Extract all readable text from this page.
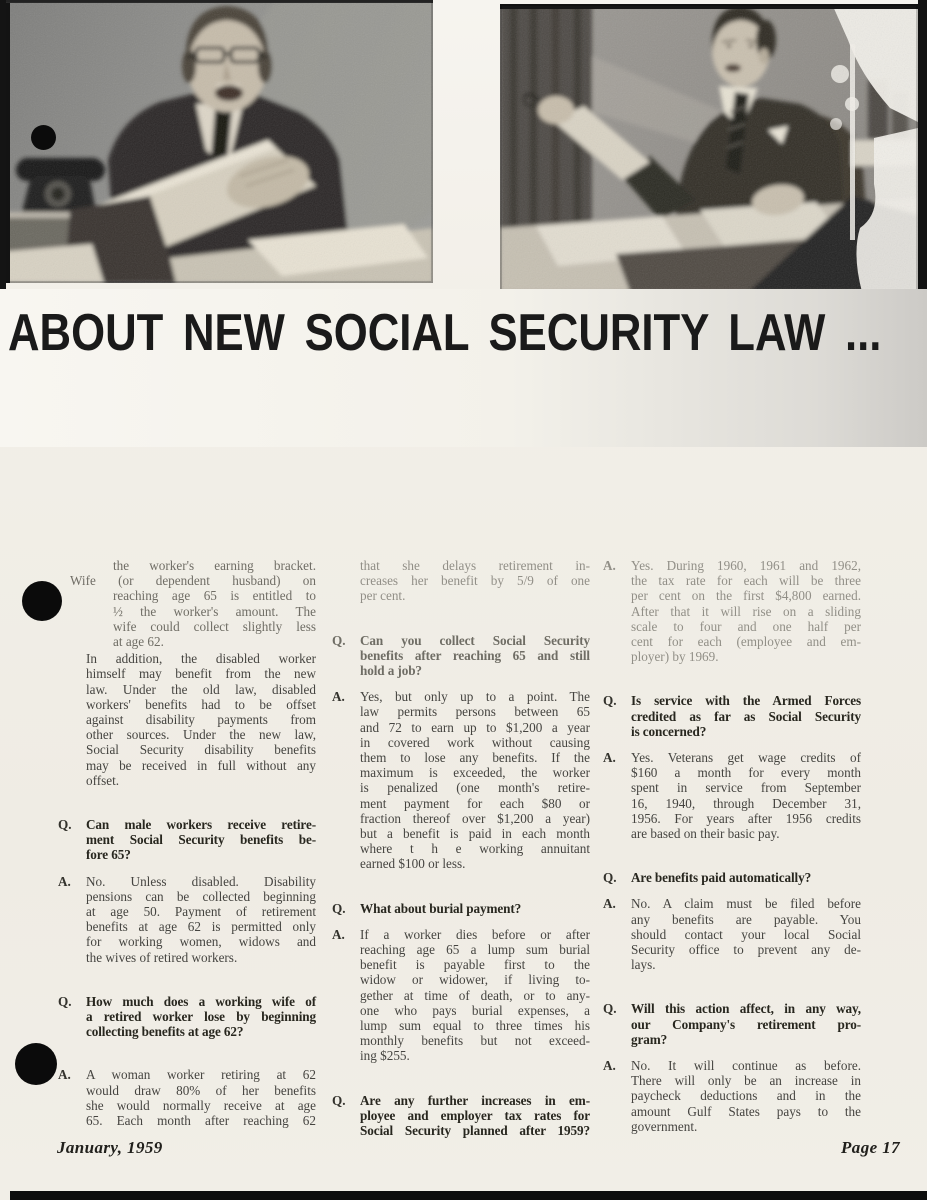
ABOUT NEW SOCIAL SECURITY LAW ...
the worker's earning bracket.
Wife (or dependent husband) on
reaching age 65 is entitled to
½ the worker's amount. The
wife could collect slightly less
at age 62.
In addition, the disabled worker
himself may benefit from the new
law. Under the old law, disabled
workers' benefits had to be offset
against disability payments from
other sources. Under the new law,
Social Security disability benefits
may be received in full without any
offset.
Q.	Can male workers receive retire-
ment Social Security benefits be-
fore 65?
A.	No. Unless disabled. Disability
pensions can be collected beginning
at age 50. Payment of retirement
benefits at age 62 is permitted only
for working women, widows and
the wives of retired workers.
Q.	How much does a working wife of
a retired worker lose by beginning
collecting benefits at age 62?
A.	A woman worker retiring at 62
would draw 80% of her benefits
she would normally receive at age
65. Each month after reaching 62
that she delays retirement in-
creases her benefit by 5/9 of one
per cent.
Q.	Can you collect Social Security
benefits after reaching 65 and still
hold a job?
A.	Yes, but only up to a point. The
law permits persons between 65
and 72 to earn up to $1,200 a year
in covered work without causing
them to lose any benefits. If the
maximum is exceeded, the worker
is penalized (one month's retire-
ment payment for each $80 or
fraction thereof over $1,200 a year)
but a benefit is paid in each month
where t h e working annuitant
earned $100 or less.
Q.	What about burial payment?
A.	If a worker dies before or after
reaching age 65 a lump sum burial
benefit is payable first to the
widow or widower, if living to-
gether at time of death, or to any-
one who pays burial expenses, a
lump sum equal to three times his
monthly benefits but not exceed-
ing $255.
Q.	Are any further increases in em-
ployee and employer tax rates for
Social Security planned after 1959?
A.	Yes. During 1960, 1961 and 1962,
the tax rate for each will be three
per cent on the first $4,800 earned.
After that it will rise on a sliding
scale to four and one half per
cent for each (employee and em-
ployer) by 1969.
Q.	Is service with the Armed Forces
credited as far as Social Security
is concerned?
A.	Yes. Veterans get wage credits of
$160 a month for every month
spent in service from September
16, 1940, through December 31,
1956. For years after 1956 credits
are based on their basic pay.
Q.	Are benefits paid automatically?
A.	No. A claim must be filed before
any benefits are payable. You
should contact your local Social
Security office to prevent any de-
lays.
Q.	Will this action affect, in any way,
our Company's retirement pro-
gram?
A.	No. It will continue as before.
There will only be an increase in
paycheck deductions and in the
amount Gulf States pays to the
government.
January, 1959	Page 17
